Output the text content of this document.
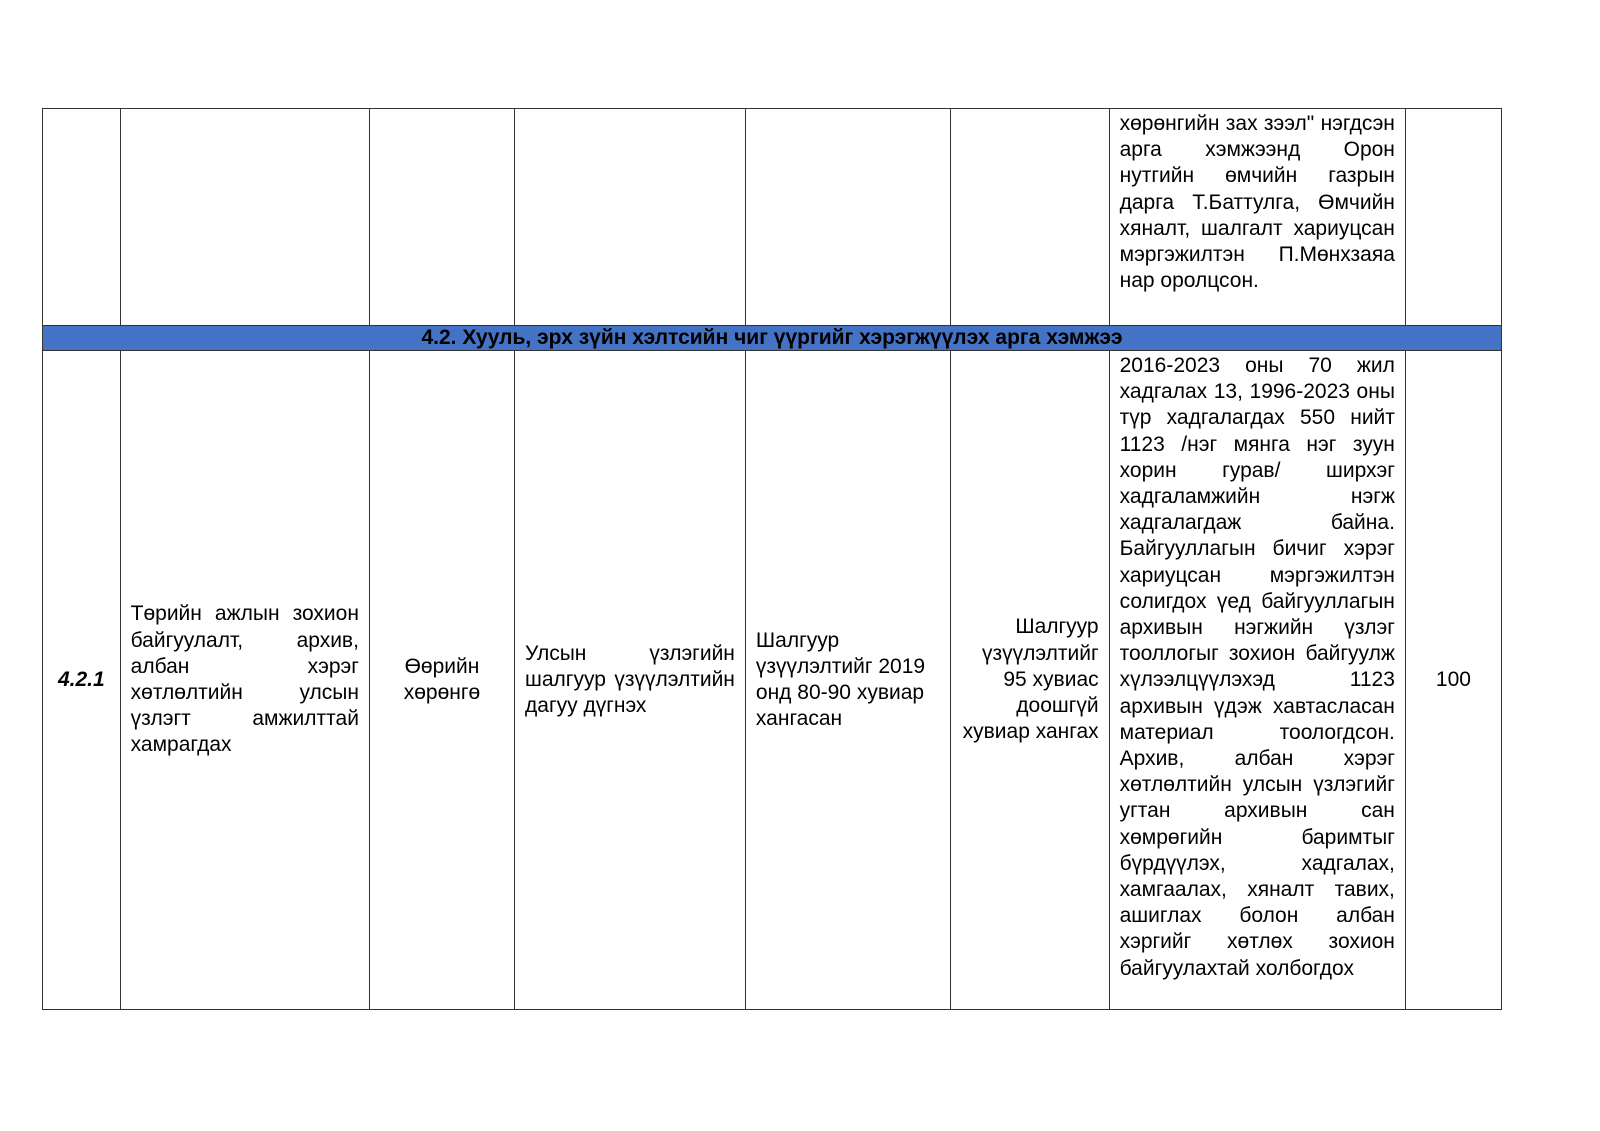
						хөрөнгийн зах зээл" нэгдсэн арга хэмжээнд Орон нутгийн өмчийн газрын дарга Т.Баттулга, Өмчийн хяналт, шалгалт хариуцсан мэргэжилтэн П.Мөнхзаяа нар оролцсон.	
4.2. Хууль, эрх зүйн хэлтсийн чиг үүргийг хэрэгжүүлэх арга хэмжээ							
4.2.1	Төрийн ажлын зохион байгуулалт, архив, албан хэрэг хөтлөлтийн улсын үзлэгт амжилттай хамрагдах	Өөрийн хөрөнгө	Улсын үзлэгийн шалгуур үзүүлэлтийн дагуу дүгнэх	Шалгуур үзүүлэлтийг 2019 онд 80-90 хувиар хангасан	Шалгуур үзүүлэлтийг 95 хувиас доошгүй хувиар хангах	2016-2023 оны 70 жил хадгалах 13, 1996-2023 оны түр хадгалагдах 550 нийт 1123 /нэг мянга нэг зуун хорин гурав/ ширхэг хадгаламжийн нэгж хадгалагдаж байна. Байгууллагын бичиг хэрэг хариуцсан мэргэжилтэн солигдох үед байгууллагын архивын нэгжийн үзлэг тооллогыг зохион байгуулж хүлээлцүүлэхэд 1123 архивын үдэж хавтасласан материал тоологдсон. Архив, албан хэрэг хөтлөлтийн улсын үзлэгийг угтан архивын сан хөмрөгийн баримтыг бүрдүүлэх, хадгалах, хамгаалах, хяналт тавих, ашиглах болон албан хэргийг хөтлөх зохион байгуулахтай холбогдох	100
